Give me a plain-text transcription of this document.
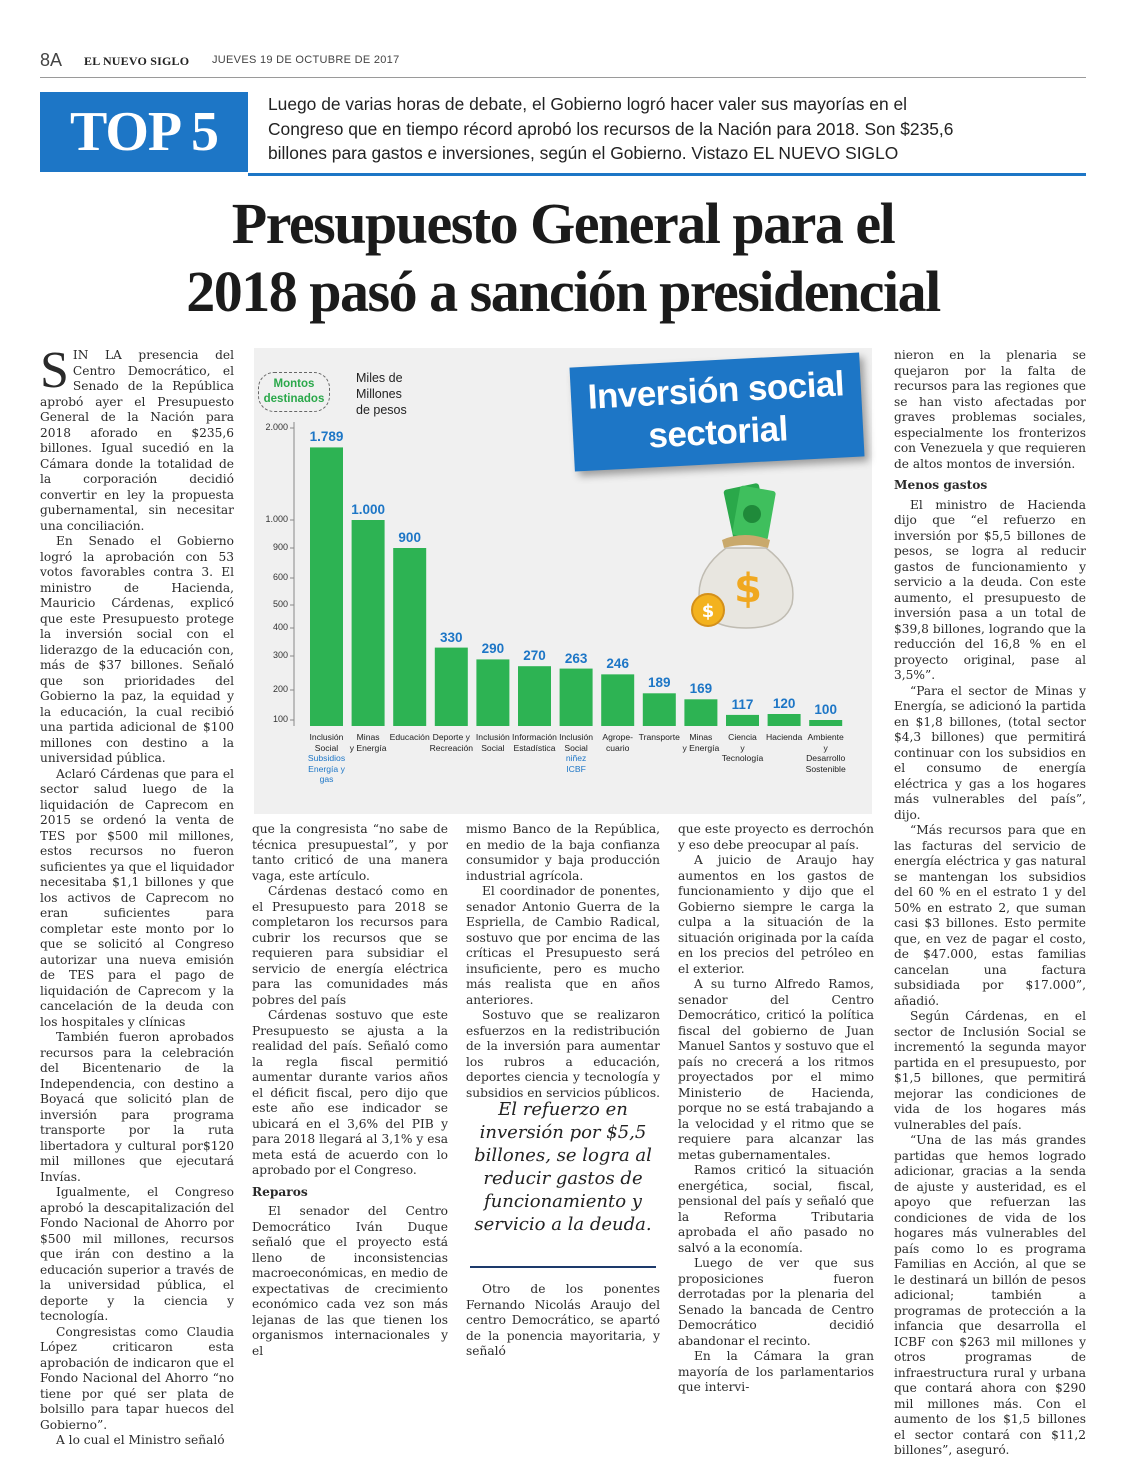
8A EL NUEVO SIGLO JUEVES 19 DE OCTUBRE DE 2017
TOP 5	Luego de varias horas de debate, el Gobierno logró hacer valer sus mayorías en el
Congreso que en tiempo récord aprobó los recursos de la Nación para 2018. Son $235,6
billones para gastos e inversiones, según el Gobierno. Vistazo EL NUEVO SIGLO
Presupuesto General para el
2018 pasó a sanción presidencial

SIN LA presencia del Centro Democrático, el Senado de la República aprobó ayer el Presupuesto General de la Nación para 2018 aforado en $235,6 billones. Igual sucedió en la Cámara donde la totalidad de la corporación decidió convertir en ley la propuesta gubernamental, sin necesitar una conciliación.

En Senado el Gobierno logró la aprobación con 53 votos favorables contra 3. El ministro de Hacienda, Mauricio Cárdenas, explicó que este Presupuesto protege la inversión social con el liderazgo de la educación con, más de $37 billones. Señaló que son prioridades del Gobierno la paz, la equidad y la educación, la cual recibió una partida adicional de $100 millones con destino a la universidad pública.

Aclaró Cárdenas que para el sector salud luego de la liquidación de Caprecom en 2015 se ordenó la venta de TES por $500 mil millones, estos recursos no fueron suficientes ya que el liquidador necesitaba $1,1 billones y que los activos de Caprecom no eran suficientes para completar este monto por lo que se solicitó al Congreso autorizar una nueva emisión de TES para el pago de liquidación de Caprecom y la cancelación de la deuda con los hospitales y clínicas

También fueron aprobados recursos para la celebración del Bicentenario de la Independencia, con destino a Boyacá que solicitó plan de inversión para programa transporte por la ruta libertadora y cultural por$120 mil millones que ejecutará Invías.

Igualmente, el Congreso aprobó la descapitalización del Fondo Nacional de Ahorro por $500 mil millones, recursos que irán con destino a la educación superior a través de la universidad pública, el deporte y la ciencia y tecnología.

Congresistas como Claudia López criticaron esta aprobación de indicaron que el Fondo Nacional del Ahorro “no tiene por qué ser plata de bolsillo para tapar huecos del Gobierno”.

A lo cual el Ministro señaló

Montos
destinados
Miles de
Millones
de pesos	Inversión social
sectorial
$
$
2.000
1.000
900
600
500
400
300
200
100
1.789
Inclusión
Social
Subsidios
Energía y
gas
1.000
Minas
y Energía
900
Educación
330
Deporte y
Recreación
290
Inclusión
Social
270
Información
Estadística
263
Inclusión
Social
niñez
ICBF
246
Agrope-
cuario
189
Transporte
169
Minas
y Energía
117
Ciencia
y Tecnología
120
Hacienda
100
Ambiente
y Desarrollo
Sostenible

que la congresista “no sabe de técnica presupuestal”, y por tanto criticó de una manera vaga, este artículo.

Cárdenas destacó como en el Presupuesto para 2018 se completaron los recursos para cubrir los recursos que se requieren para subsidiar el servicio de energía eléctrica para las comunidades más pobres del país

Cárdenas sostuvo que este Presupuesto se ajusta a la realidad del país. Señaló como la regla fiscal permitió aumentar durante varios años el déficit fiscal, pero dijo que este año ese indicador se ubicará en el 3,6% del PIB y para 2018 llegará al 3,1% y esa meta está de acuerdo con lo aprobado por el Congreso.

Reparos

El senador del Centro Democrático Iván Duque señaló que el proyecto está lleno de inconsistencias macroeconómicas, en medio de expectativas de crecimiento económico cada vez son más lejanas de las que tienen los organismos internacionales y el

mismo Banco de la República, en medio de la baja confianza consumidor y baja producción industrial agrícola.

El coordinador de ponentes, senador Antonio Guerra de la Espriella, de Cambio Radical, sostuvo que por encima de las críticas el Presupuesto será insuficiente, pero es mucho más realista que en años anteriores.

Sostuvo que se realizaron esfuerzos en la redistribución de la inversión para aumentar los rubros a educación, deportes ciencia y tecnología y subsidios en servicios públicos.

El refuerzo en inversión por $5,5 billones, se logra al reducir gastos de funcionamiento y servicio a la deuda.

Otro de los ponentes Fernando Nicolás Araujo del centro Democrático, se apartó de la ponencia mayoritaria, y señaló

que este proyecto es derrochón y eso debe preocupar al país.

A juicio de Araujo hay aumentos en los gastos de funcionamiento y dijo que el Gobierno siempre le carga la culpa a la situación de la situación originada por la caída en los precios del petróleo en el exterior.

A su turno Alfredo Ramos, senador del Centro Democrático, criticó la política fiscal del gobierno de Juan Manuel Santos y sostuvo que el país no crecerá a los ritmos proyectados por el mimo Ministerio de Hacienda, porque no se está trabajando a la velocidad y el ritmo que se requiere para alcanzar las metas gubernamentales.

Ramos criticó la situación energética, social, fiscal, pensional del país y señaló que la Reforma Tributaria aprobada el año pasado no salvó a la economía.

Luego de ver que sus proposiciones fueron derrotadas por la plenaria del Senado la bancada de Centro Democrático decidió abandonar el recinto.

En la Cámara la gran mayoría de los parlamentarios que intervi-

nieron en la plenaria se quejaron por la falta de recursos para las regiones que se han visto afectadas por graves problemas sociales, especialmente los fronterizos con Venezuela y que requieren de altos montos de inversión.

Menos gastos

El ministro de Hacienda dijo que “el refuerzo en inversión por $5,5 billones de pesos, se logra al reducir gastos de funcionamiento y servicio a la deuda. Con este aumento, el presupuesto de inversión pasa a un total de $39,8 billones, logrando que la reducción del 16,8 % en el proyecto original, pase al 3,5%”.

“Para el sector de Minas y Energía, se adicionó la partida en $1,8 billones, (total sector $4,3 billones) que permitirá continuar con los subsidios en el consumo de energía eléctrica y gas a los hogares más vulnerables del país”, dijo.

“Más recursos para que en las facturas del servicio de energía eléctrica y gas natural se mantengan los subsidios del 60 % en el estrato 1 y del 50% en estrato 2, que suman casi $3 billones. Esto permite que, en vez de pagar el costo, de $47.000, estas familias cancelan una factura subsidiada por $17.000”, añadió.

Según Cárdenas, en el sector de Inclusión Social se incrementó la segunda mayor partida en el presupuesto, por $1,5 billones, que permitirá mejorar las condiciones de vida de los hogares más vulnerables del país.

“Una de las más grandes partidas que hemos logrado adicionar, gracias a la senda de ajuste y austeridad, es el apoyo que refuerzan las condiciones de vida de los hogares más vulnerables del país como lo es programa Familias en Acción, al que se le destinará un billón de pesos adicional; también a programas de protección a la infancia que desarrolla el ICBF con $263 mil millones y otros programas de infraestructura rural y urbana que contará ahora con $290 mil millones más. Con el aumento de los $1,5 billones el sector contará con $11,2 billones”, aseguró.
